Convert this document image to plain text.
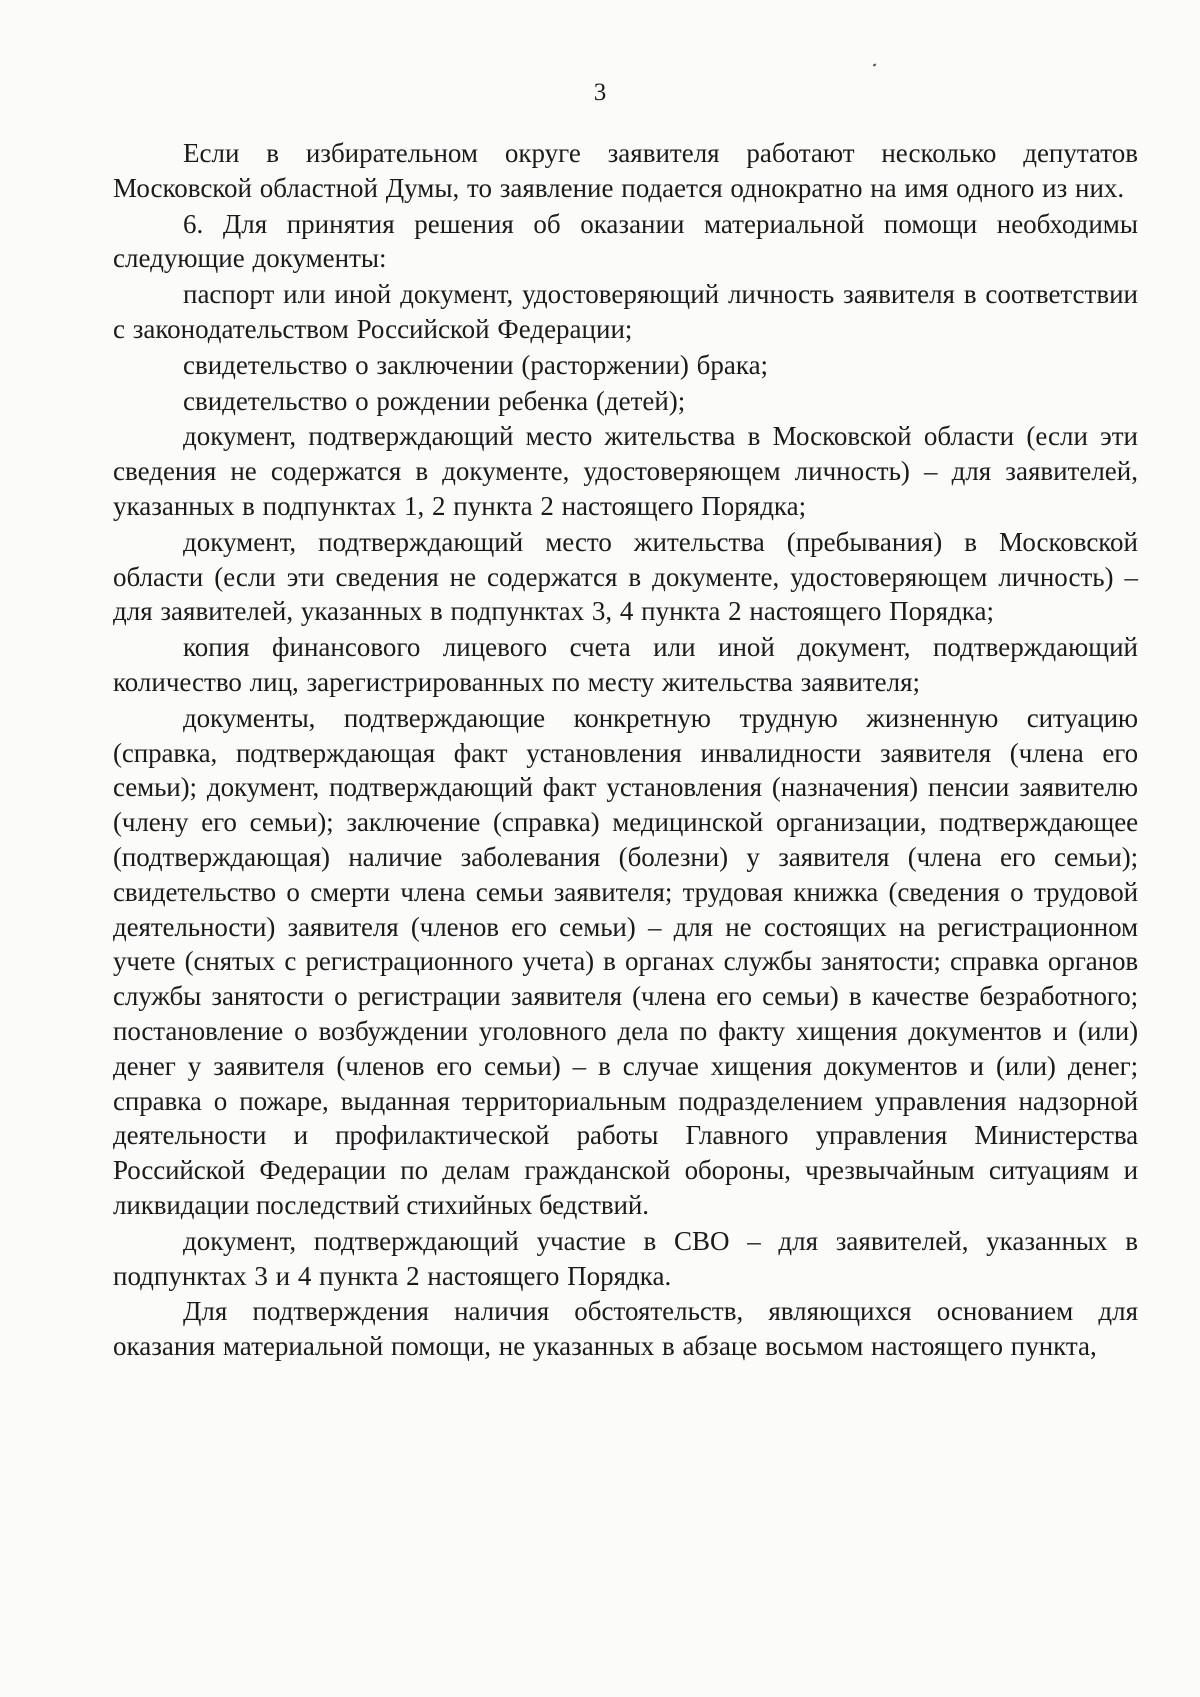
3

Если в избирательном округе заявителя работают несколько депутатов Московской областной Думы, то заявление подается однократно на имя одного из них.

6. Для принятия решения об оказании материальной помощи необходимы следующие документы:

паспорт или иной документ, удостоверяющий личность заявителя в соответствии с законодательством Российской Федерации;

свидетельство о заключении (расторжении) брака;

свидетельство о рождении ребенка (детей);

документ, подтверждающий место жительства в Московской области (если эти сведения не содержатся в документе, удостоверяющем личность) – для заявителей, указанных в подпунктах 1, 2 пункта 2 настоящего Порядка;

документ, подтверждающий место жительства (пребывания) в Московской области (если эти сведения не содержатся в документе, удостоверяющем личность) – для заявителей, указанных в подпунктах 3, 4 пункта 2 настоящего Порядка;

копия финансового лицевого счета или иной документ, подтверждающий количество лиц, зарегистрированных по месту жительства заявителя;

документы, подтверждающие конкретную трудную жизненную ситуацию (справка, подтверждающая факт установления инвалидности заявителя (члена его семьи); документ, подтверждающий факт установления (назначения) пенсии заявителю (члену его семьи); заключение (справка) медицинской организации, подтверждающее (подтверждающая) наличие заболевания (болезни) у заявителя (члена его семьи); свидетельство о смерти члена семьи заявителя; трудовая книжка (сведения о трудовой деятельности) заявителя (членов его семьи) – для не состоящих на регистрационном учете (снятых с регистрационного учета) в органах службы занятости; справка органов службы занятости о регистрации заявителя (члена его семьи) в качестве безработного; постановление о возбуждении уголовного дела по факту хищения документов и (или) денег у заявителя (членов его семьи) – в случае хищения документов и (или) денег; справка о пожаре, выданная территориальным подразделением управления надзорной деятельности и профилактической работы Главного управления Министерства Российской Федерации по делам гражданской обороны, чрезвычайным ситуациям и ликвидации последствий стихийных бедствий.

документ, подтверждающий участие в СВО – для заявителей, указанных в подпунктах 3 и 4 пункта 2 настоящего Порядка.

Для подтверждения наличия обстоятельств, являющихся основанием для оказания материальной помощи, не указанных в абзаце восьмом настоящего пункта,
